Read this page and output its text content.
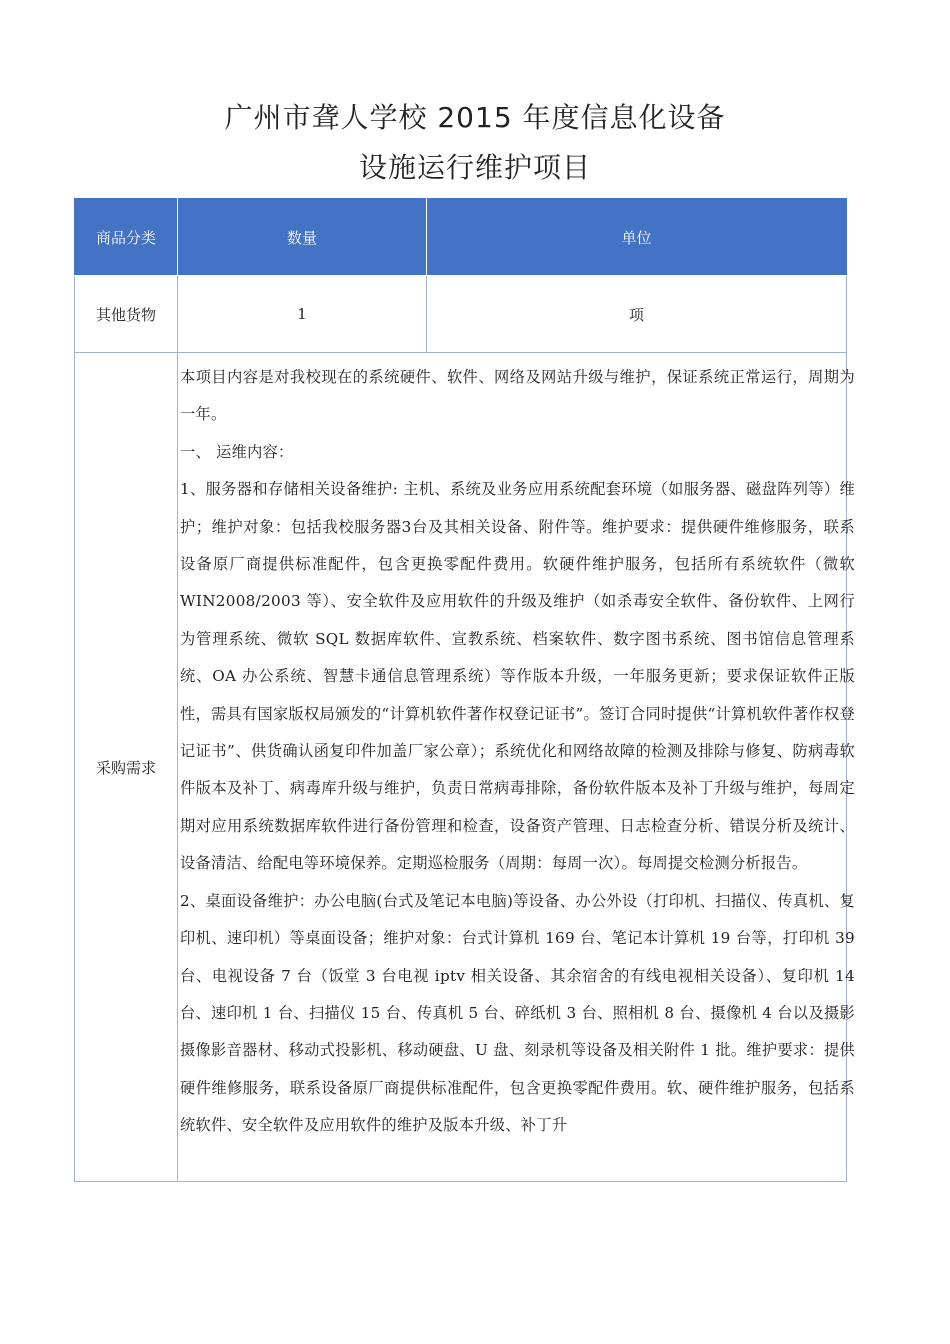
广州市聋人学校 2015 年度信息化设备
设施运行维护项目
商品分类	数量	单位
其他货物	1	项
采购需求	本项目内容是对我校现在的系统硬件、软件、网络及网站升级与维护，保证系统正常运行，周期为一年。

一、 运维内容：

1、服务器和存储相关设备维护: 主机、系统及业务应用系统配套环境（如服务器、磁盘阵列等）维护；维护对象：包括我校服务器3台及其相关设备、附件等。维护要求：提供硬件维修服务，联系设备原厂商提供标准配件，包含更换零配件费用。软硬件维护服务，包括所有系统软件（微软 WIN2008/2003 等）、安全软件及应用软件的升级及维护（如杀毒安全软件、备份软件、上网行为管理系统、微软 SQL 数据库软件、宣教系统、档案软件、数字图书系统、图书馆信息管理系统、OA 办公系统、智慧卡通信息管理系统）等作版本升级，一年服务更新；要求保证软件正版性，需具有国家版权局颁发的“计算机软件著作权登记证书”。签订合同时提供“计算机软件著作权登记证书”、供货确认函复印件加盖厂家公章）；系统优化和网络故障的检测及排除与修复、防病毒软件版本及补丁、病毒库升级与维护，负责日常病毒排除，备份软件版本及补丁升级与维护，每周定期对应用系统数据库软件进行备份管理和检查，设备资产管理、日志检查分析、错误分析及统计、设备清洁、给配电等环境保养。定期巡检服务（周期：每周一次）。每周提交检测分析报告。

2、桌面设备维护：办公电脑(台式及笔记本电脑)等设备、办公外设（打印机、扫描仪、传真机、复印机、速印机）等桌面设备；维护对象：台式计算机 169 台、笔记本计算机 19 台等，打印机 39 台、电视设备 7 台（饭堂 3 台电视 iptv 相关设备、其余宿舍的有线电视相关设备）、复印机 14 台、速印机 1 台、扫描仪 15 台、传真机 5 台、碎纸机 3 台、照相机 8 台、摄像机 4 台以及摄影摄像影音器材、移动式投影机、移动硬盘、U 盘、刻录机等设备及相关附件 1 批。维护要求：提供硬件维修服务，联系设备原厂商提供标准配件，包含更换零配件费用。软、硬件维护服务，包括系统软件、安全软件及应用软件的维护及版本升级、补丁升	
